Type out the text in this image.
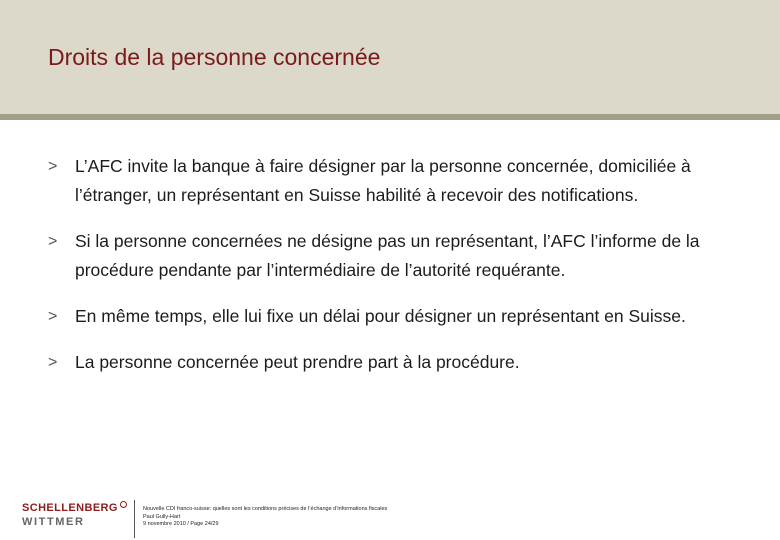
Droits de la personne concernée
> L’AFC invite la banque à faire désigner par la personne concernée, domiciliée à l’étranger, un représentant en Suisse habilité à recevoir des notifications.
> Si la personne concernées ne désigne pas un représentant, l’AFC l’informe de la procédure pendante par l’intermédiaire de l’autorité requérante.
> En même temps, elle lui fixe un délai pour désigner un représentant en Suisse.
> La personne concernée peut prendre part à la procédure.
SCHELLENBERG
WITTMER
Nouvelle CDI franco-suisse: quelles sont les conditions précises de l’échange d’informations fiscales
Paul Gully-Hart
9 novembre 2010 / Page 24/29
